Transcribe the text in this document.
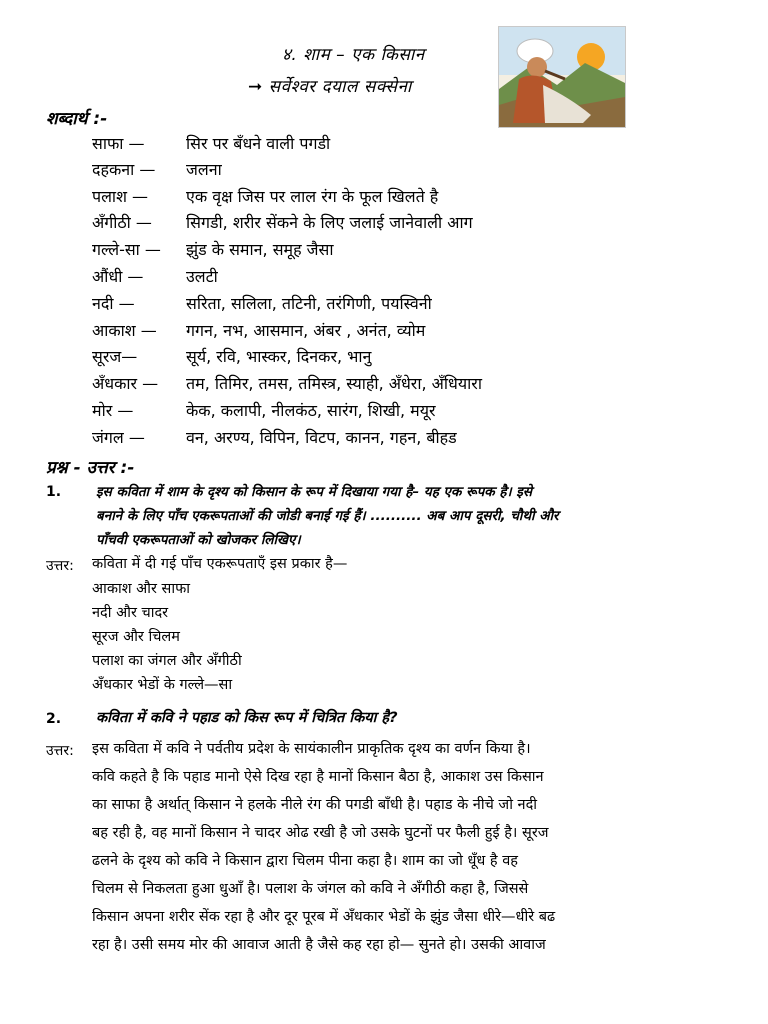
४. शाम – एक किसान
➞ सर्वेश्वर दयाल सक्सेना
शब्दार्थ :-
साफा —	सिर पर बँधने वाली पगडी
दहकना — जलना
पलाश — एक वृक्ष जिस पर लाल रंग के फूल खिलते है
अँगीठी — सिगडी, शरीर सेंकने के लिए जलाई जानेवाली आग
गल्ले-सा — झुंड के समान, समूह जैसा
औंधी —	उलटी
नदी —	सरिता, सलिला, तटिनी, तरंगिणी, पयस्विनी
आकाश — गगन, नभ, आसमान, अंबर , अनंत, व्योम
सूरज—	सूर्य, रवि, भास्कर, दिनकर, भानु
अँधकार — तम, तिमिर, तमस, तमिस्त्र, स्याही, अँधेरा, अँधियारा
मोर —	केक, कलापी, नीलकंठ, सारंग, शिखी, मयूर
जंगल —	वन, अरण्य, विपिन, विटप, कानन, गहन, बीहड
प्रश्न - उत्तर :-
1.	इस कविता में शाम के दृश्य को किसान के रूप में दिखाया गया है– यह एक रूपक है। इसे
बनाने के लिए पाँच एकरूपताओं की जोडी बनाई गई हैं। .......... अब आप दूसरी, चौथी और
पाँचवी एकरूपताओं को खोजकर लिखिए।
उत्तर: कविता में दी गई पाँच एकरूपताएँ इस प्रकार है—
आकाश और साफा
नदी और चादर
सूरज और चिलम
पलाश का जंगल और अँगीठी
अँधकार भेडों के गल्ले—सा
2. कविता में कवि ने पहाड को किस रूप में चित्रित किया है?
उत्तर: इस कविता में कवि ने पर्वतीय प्रदेश के सायंकालीन प्राकृतिक दृश्य का वर्णन किया है।
कवि कहते है कि पहाड मानो ऐसे दिख रहा है मानों किसान बैठा है, आकाश उस किसान
का साफा है अर्थात् किसान ने हलके नीले रंग की पगडी बाँधी है। पहाड के नीचे जो नदी
बह रही है, वह मानों किसान ने चादर ओढ रखी है जो उसके घुटनों पर फैली हुई है। सूरज
ढलने के दृश्य को कवि ने किसान द्वारा चिलम पीना कहा है। शाम का जो धूँध है वह
चिलम से निकलता हुआ धुआँ है। पलाश के जंगल को कवि ने अँगीठी कहा है, जिससे
किसान अपना शरीर सेंक रहा है और दूर पूरब में अँधकार भेडों के झुंड जैसा धीरे—धीरे बढ
रहा है। उसी समय मोर की आवाज आती है जैसे कह रहा हो— सुनते हो। उसकी आवाज
